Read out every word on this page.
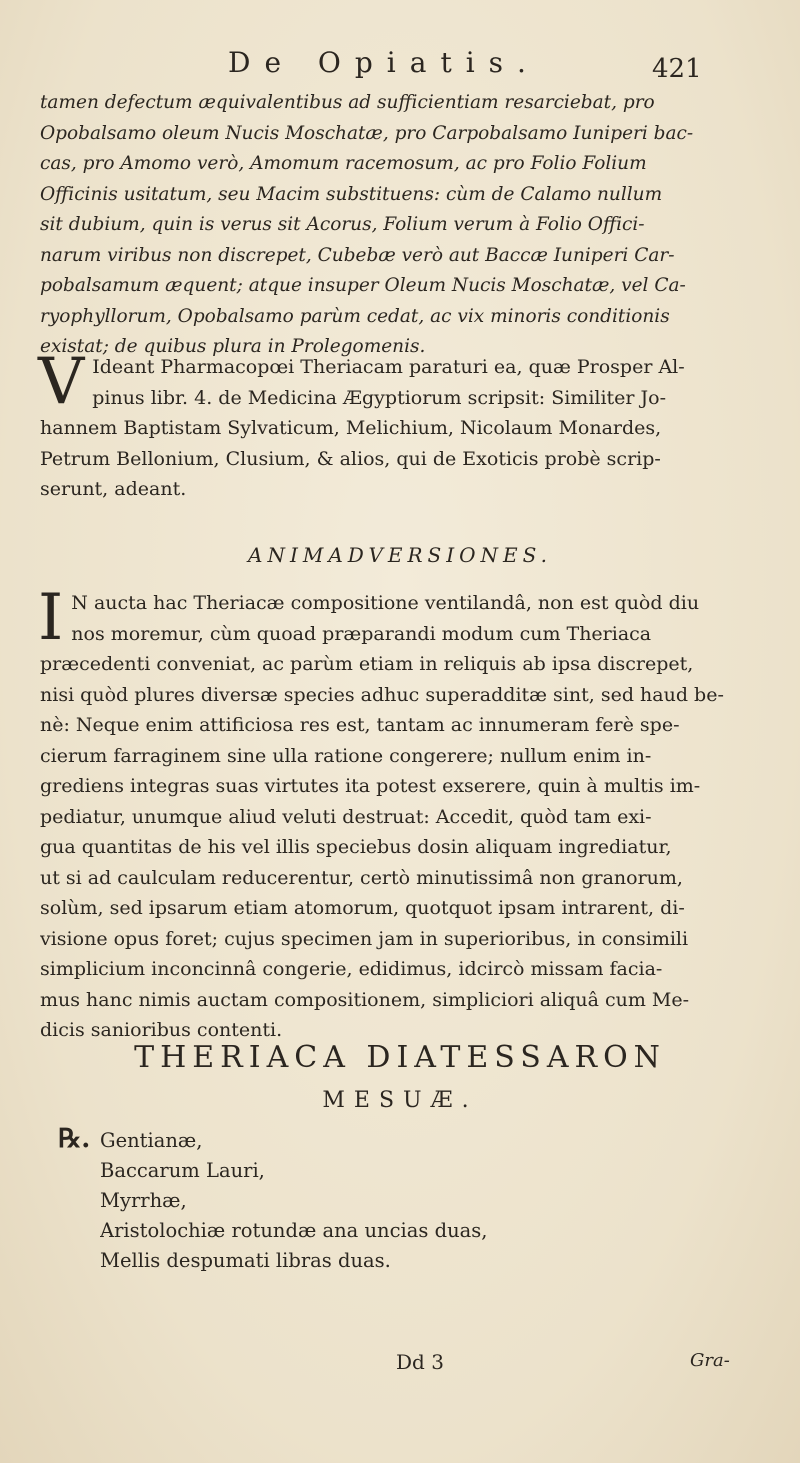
De Opiatis.	421
tamen defectum æquivalentibus ad sufficientiam resarciebat, pro
Opobalsamo oleum Nucis Moschatæ, pro Carpobalsamo Iuniperi bac-
cas, pro Amomo verò, Amomum racemosum, ac pro Folio Folium
Officinis usitatum, seu Macim substituens: cùm de Calamo nullum
sit dubium, quin is verus sit Acorus, Folium verum à Folio Offici-
narum viribus non discrepet, Cubebæ verò aut Baccæ Iuniperi Car-
pobalsamum æquent; atque insuper Oleum Nucis Moschatæ, vel Ca-
ryophyllorum, Opobalsamo parùm cedat, ac vix minoris conditionis
existat; de quibus plura in Prolegomenis.
V Ideant Pharmacopœi Theriacam paraturi ea, quæ Prosper Al-
pinus libr. 4. de Medicina Ægyptiorum scripsit: Similiter Jo-
hannem Baptistam Sylvaticum, Melichium, Nicolaum Monardes,
Petrum Bellonium, Clusium, & alios, qui de Exoticis probè scrip-
serunt, adeant.
ANIMADVERSIONES.
I N aucta hac Theriacæ compositione ventilandâ, non est quòd diu
nos moremur, cùm quoad præparandi modum cum Theriaca
præcedenti conveniat, ac parùm etiam in reliquis ab ipsa discrepet,
nisi quòd plures diversæ species adhuc superadditæ sint, sed haud be-
nè: Neque enim attificiosa res est, tantam ac innumeram ferè spe-
cierum farraginem sine ulla ratione congerere; nullum enim in-
grediens integras suas virtutes ita potest exserere, quin à multis im-
pediatur, unumque aliud veluti destruat: Accedit, quòd tam exi-
gua quantitas de his vel illis speciebus dosin aliquam ingrediatur,
ut si ad caulculam reducerentur, certò minutissimâ non granorum,
solùm, sed ipsarum etiam atomorum, quotquot ipsam intrarent, di-
visione opus foret; cujus specimen jam in superioribus, in consimili
simplicium inconcinnâ congerie, edidimus, idcircò missam facia-
mus hanc nimis auctam compositionem, simpliciori aliquâ cum Me-
dicis sanioribus contenti.
THERIACA DIATESSARON
MESUÆ.
℞. Gentianæ,
Baccarum Lauri,
Myrrhæ,
Aristolochiæ rotundæ ana uncias duas,
Mellis despumati libras duas.
Dd 3	Gra-
